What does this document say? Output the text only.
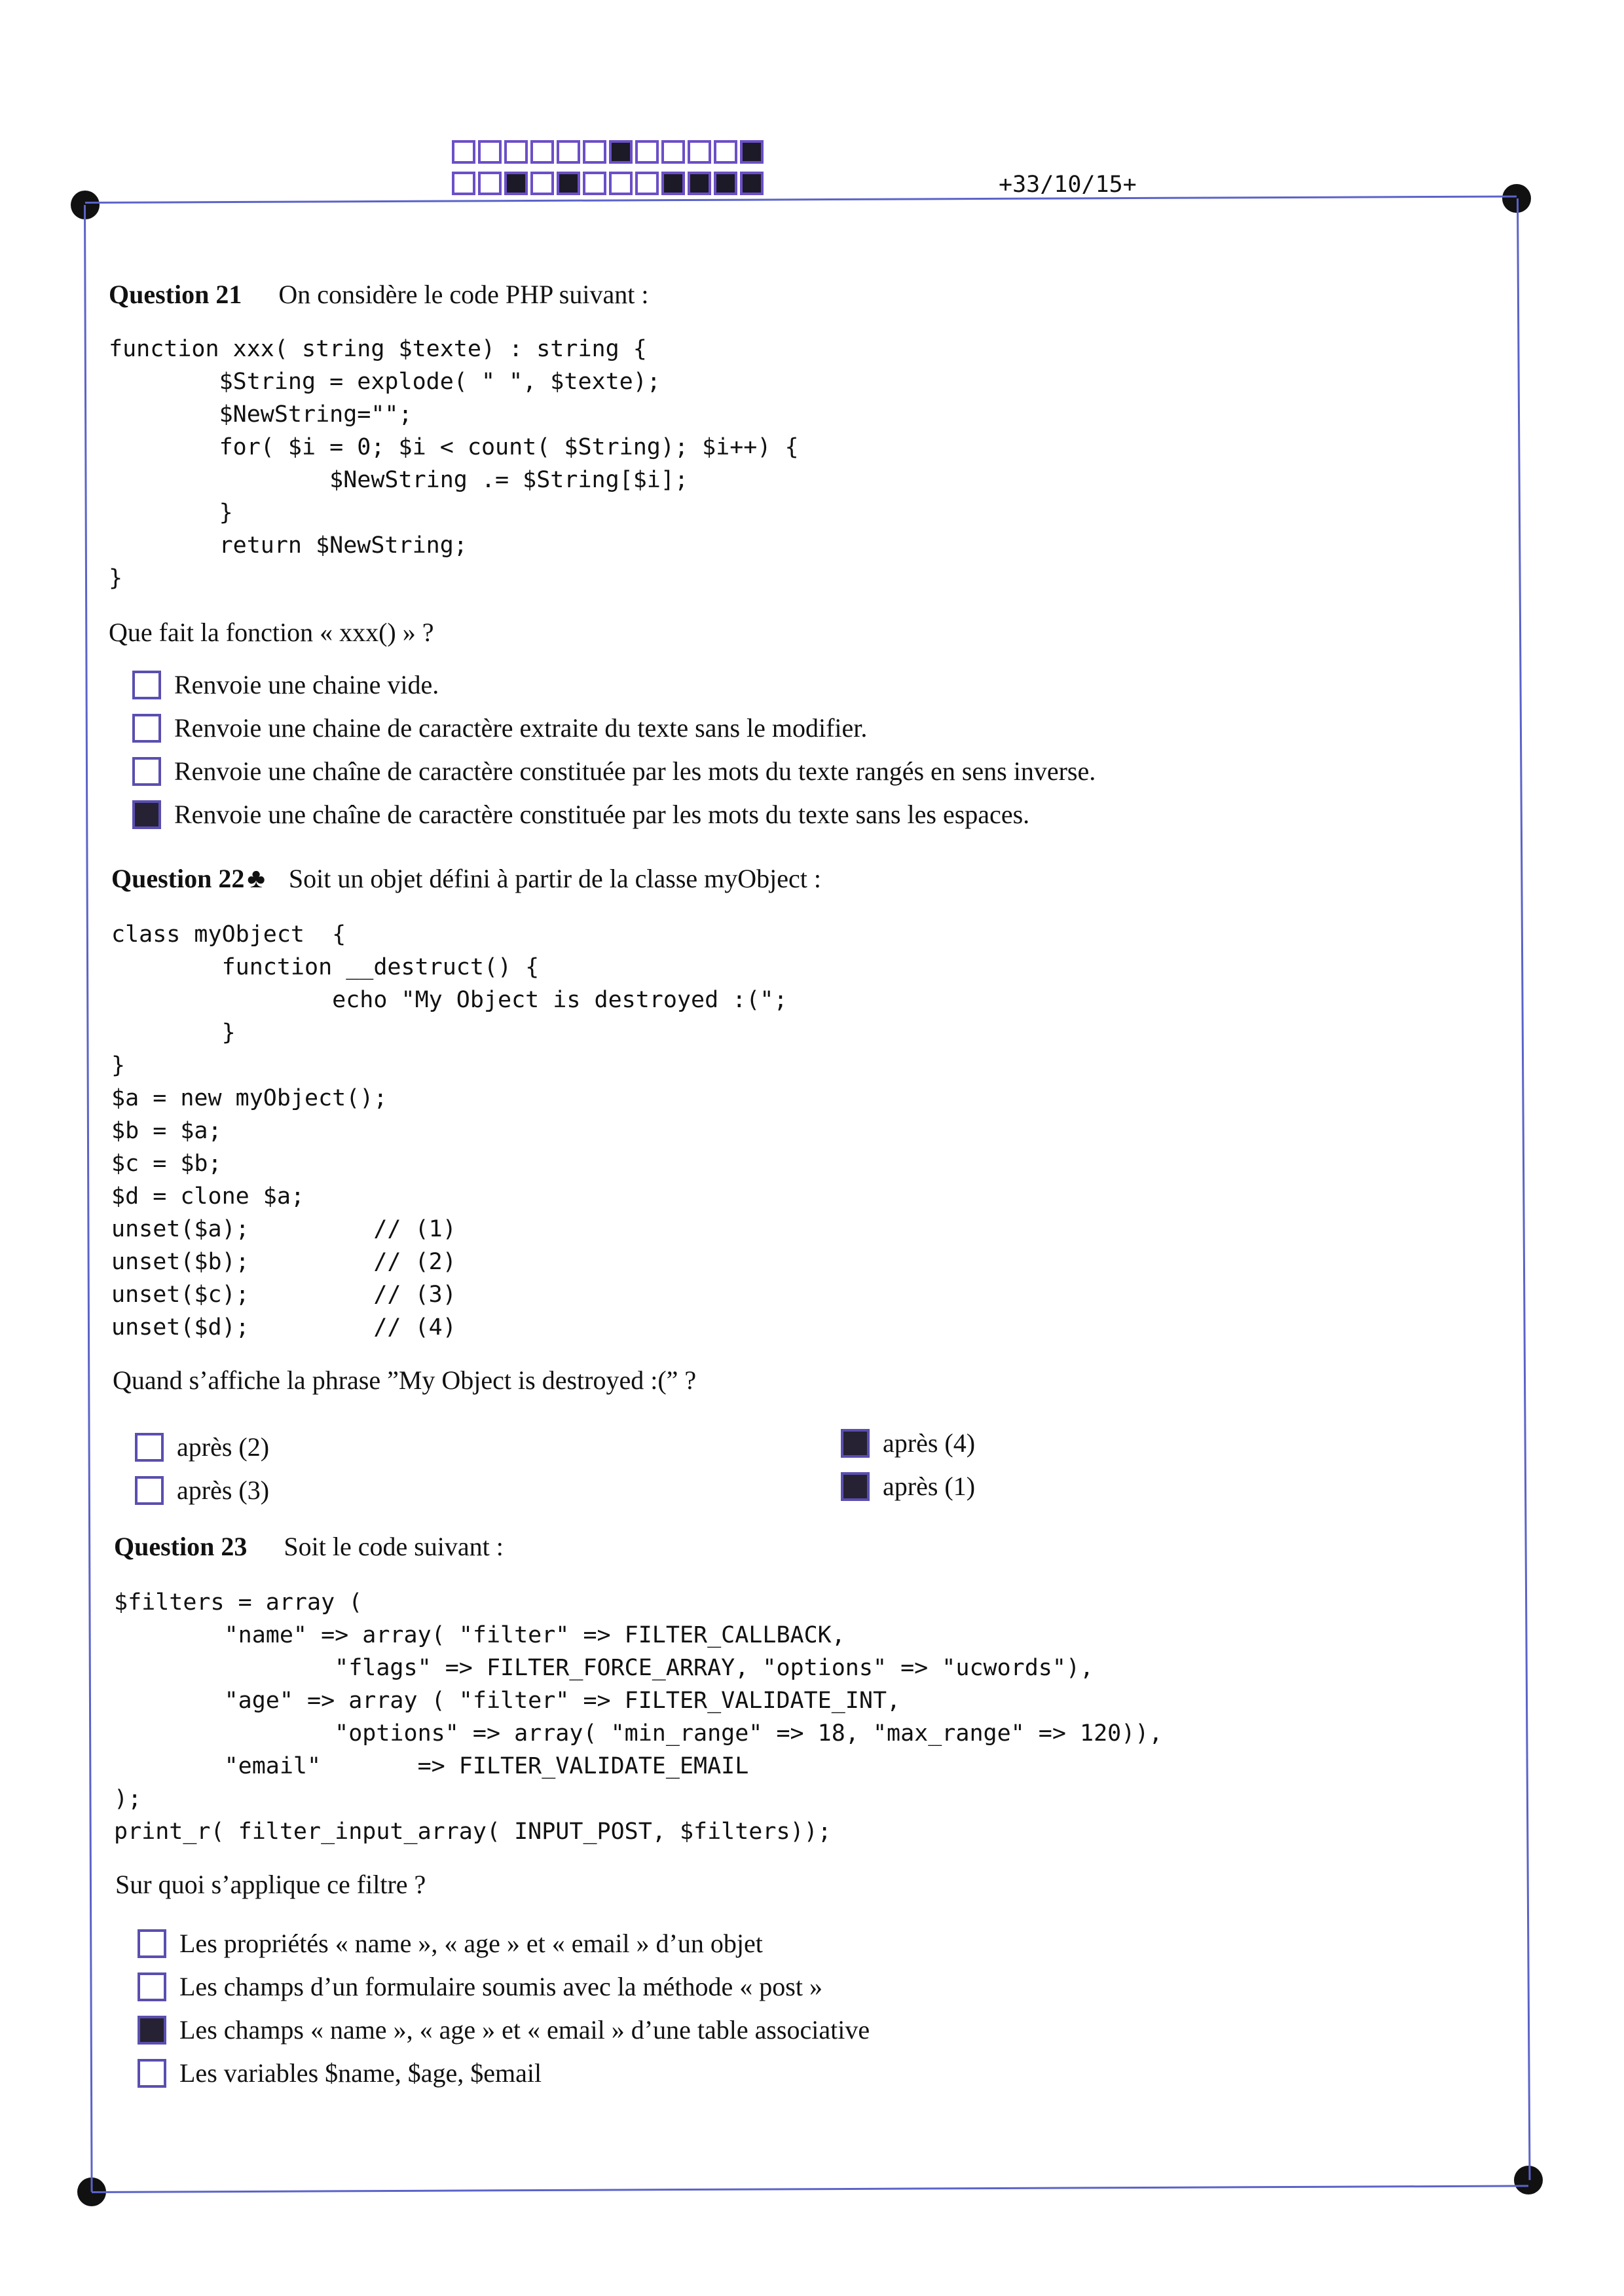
+33/10/15+
Question 21 On considère le code PHP suivant :
function xxx( string $texte) : string {
$String = explode( " ", $texte);
$NewString="";
for( $i = 0; $i < count( $String); $i++) {
$NewString .= $String[$i];
}
return $NewString;
}
Que fait la fonction « xxx() » ?
Renvoie une chaine vide.
Renvoie une chaine de caractère extraite du texte sans le modifier.
Renvoie une chaîne de caractère constituée par les mots du texte rangés en sens inverse.
Renvoie une chaîne de caractère constituée par les mots du texte sans les espaces.
Question 22♣ Soit un objet défini à partir de la classe myObject :
class myObject  {
function __destruct() {
echo "My Object is destroyed :(";
}
}
$a = new myObject();
$b = $a;
$c = $b;
$d = clone $a;
unset($a);         // (1)
unset($b);         // (2)
unset($c);         // (3)
unset($d);         // (4)
Quand s’affiche la phrase ”My Object is destroyed :(” ?
après (2)
après (3)
après (4)
après (1)
Question 23 Soit le code suivant :
$filters = array (
"name" => array( "filter" => FILTER_CALLBACK,
"flags" => FILTER_FORCE_ARRAY, "options" => "ucwords"),
"age" => array ( "filter" => FILTER_VALIDATE_INT,
"options" => array( "min_range" => 18, "max_range" => 120)),
"email"       => FILTER_VALIDATE_EMAIL
);
print_r( filter_input_array( INPUT_POST, $filters));
Sur quoi s’applique ce filtre ?
Les propriétés « name », « age » et « email » d’un objet
Les champs d’un formulaire soumis avec la méthode « post »
Les champs « name », « age » et « email » d’une table associative
Les variables $name, $age, $email
